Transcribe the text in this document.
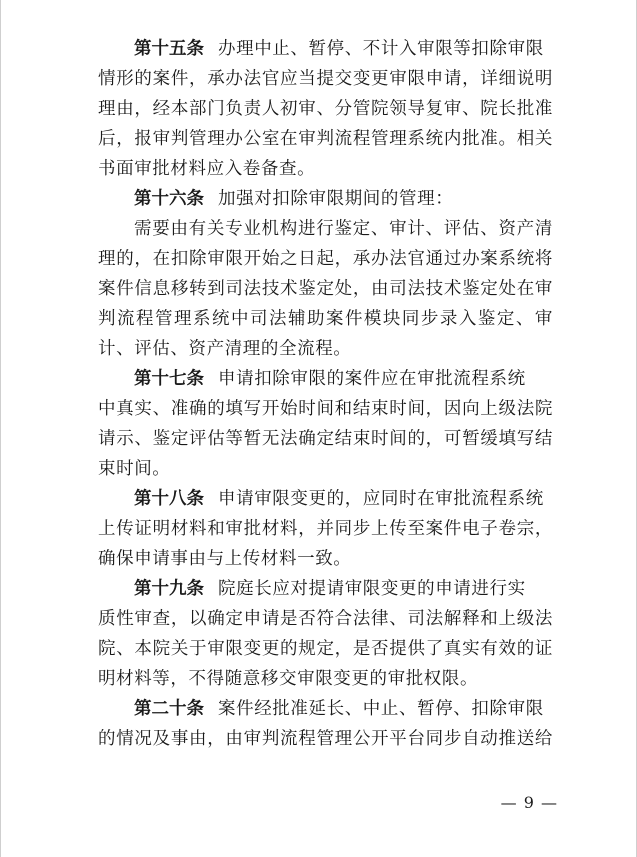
第十五条 办理中止、暂停、不计入审限等扣除审限
情形的案件，承办法官应当提交变更审限申请，详细说明
理由，经本部门负责人初审、分管院领导复审、院长批准
后，报审判管理办公室在审判流程管理系统内批准。相关
书面审批材料应入卷备查。
第十六条 加强对扣除审限期间的管理：
需要由有关专业机构进行鉴定、审计、评估、资产清
理的，在扣除审限开始之日起，承办法官通过办案系统将
案件信息移转到司法技术鉴定处，由司法技术鉴定处在审
判流程管理系统中司法辅助案件模块同步录入鉴定、审
计、评估、资产清理的全流程。
第十七条 申请扣除审限的案件应在审批流程系统
中真实、准确的填写开始时间和结束时间，因向上级法院
请示、鉴定评估等暂无法确定结束时间的，可暂缓填写结
束时间。
第十八条 申请审限变更的，应同时在审批流程系统
上传证明材料和审批材料，并同步上传至案件电子卷宗，
确保申请事由与上传材料一致。
第十九条 院庭长应对提请审限变更的申请进行实
质性审查，以确定申请是否符合法律、司法解释和上级法
院、本院关于审限变更的规定，是否提供了真实有效的证
明材料等，不得随意移交审限变更的审批权限。
第二十条 案件经批准延长、中止、暂停、扣除审限
的情况及事由，由审判流程管理公开平台同步自动推送给
— 9 —
